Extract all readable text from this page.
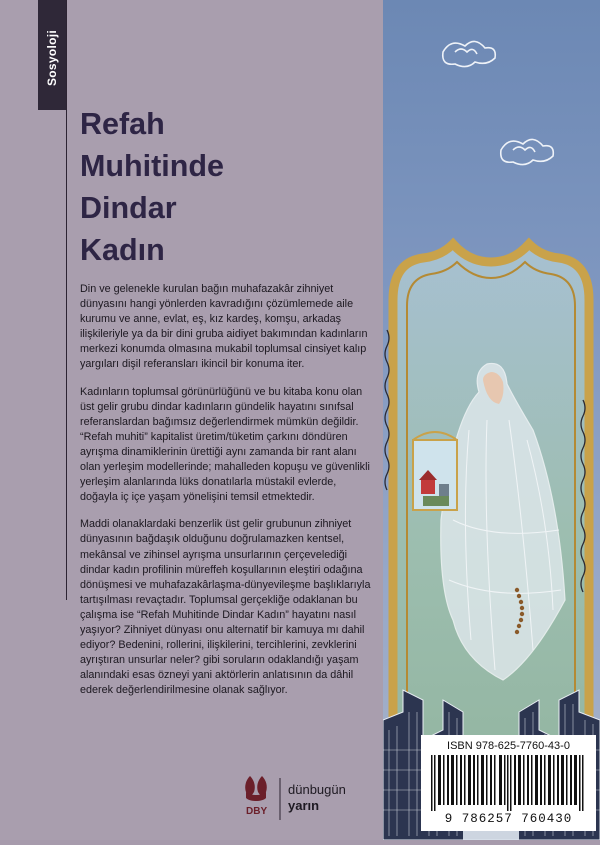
Sosyoloji
Refah
Muhitinde
Dindar
Kadın

Din ve gelenekle kurulan bağın muhafazakâr zihniyet dünyasını hangi yönlerden kavradığını çözümlemede aile kurumu ve anne, evlat, eş, kız kardeş, komşu, arkadaş ilişkileriyle ya da bir dini gruba aidiyet bakımından kadınların merkezi konumda olmasına mukabil toplumsal cinsiyet kalıp yargıları dişil referansları ikincil bir konuma iter.

Kadınların toplumsal görünürlüğünü ve bu kitaba konu olan üst gelir grubu dindar kadınların gündelik hayatını sınıfsal referanslardan bağımsız değerlendirmek mümkün değildir. “Refah muhiti” kapitalist üretim/tüketim çarkını döndüren ayrışma dinamiklerinin ürettiği aynı zamanda bir rant alanı olan yerleşim modellerinde; mahalleden kopuşu ve güvenlikli yerleşim alanlarında lüks donatılarla müstakil evlerde, doğayla iç içe yaşam yönelişini temsil etmektedir.

Maddi olanaklardaki benzerlik üst gelir grubunun zihniyet dünyasının bağdaşık olduğunu doğrulamazken kentsel, mekânsal ve zihinsel ayrışma unsurlarının çerçevelediği dindar kadın profilinin müreffeh koşullarının eleştiri odağına dönüşmesi ve muhafazakârlaşma-dünyevileşme başlıklarıyla tartışılması revaçtadır. Toplumsal gerçekliğe odaklanan bu çalışma ise “Refah Muhitinde Dindar Kadın” hayatını nasıl yaşıyor? Zihniyet dünyası onu alternatif bir kamuya mı dahil ediyor? Bedenini, rollerini, ilişkilerini, tercihlerini, zevklerini ayrıştıran unsurlar neler? gibi soruların odaklandığı yaşam alanındaki esas özneyi yani aktörlerin anlatısının da dâhil ederek değerlendirilmesine olanak sağlıyor.

DBY
dünbugün
yarın
ISBN 978-625-7760-43-0
9 786257 760430
